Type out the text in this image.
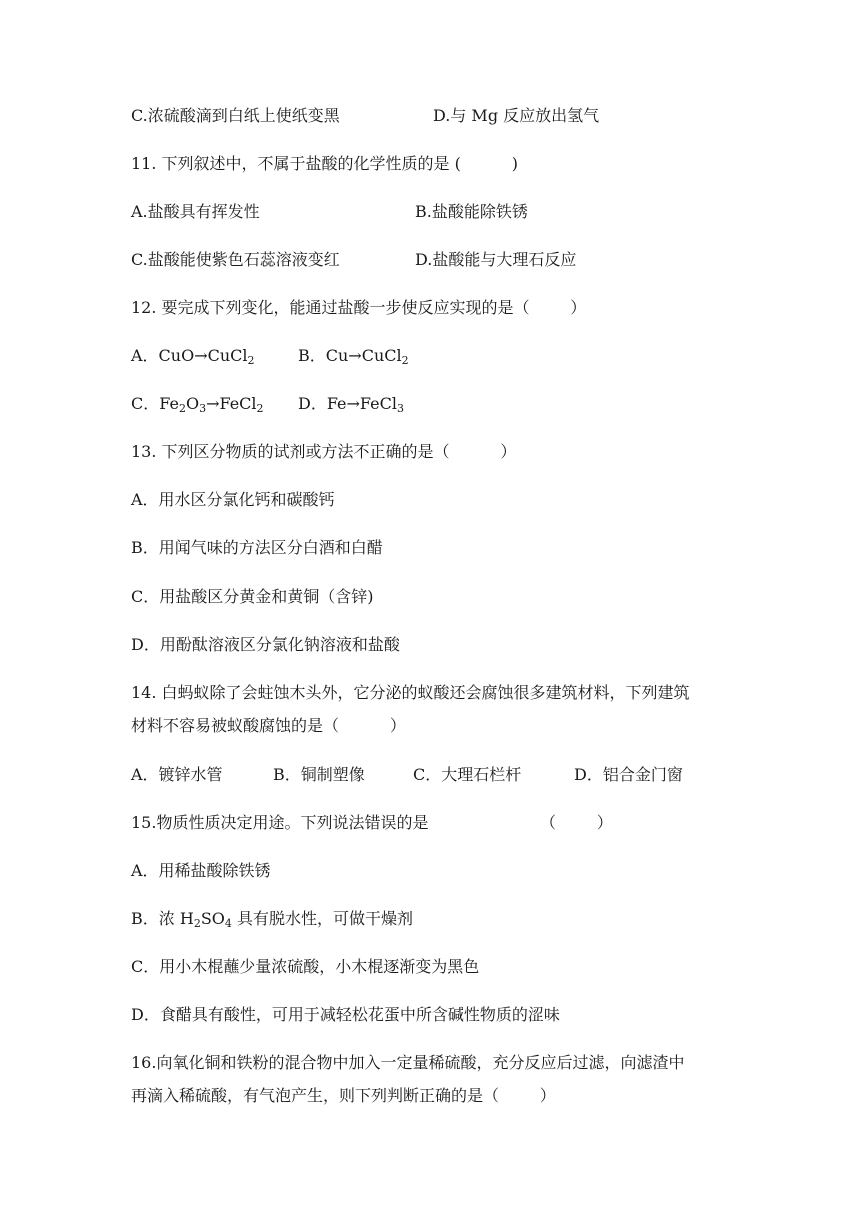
C.浓硫酸滴到白纸上使纸变黑	D.与 Mg 反应放出氢气
11. 下列叙述中，不属于盐酸的化学性质的是 (          )
A.盐酸具有挥发性	B.盐酸能除铁锈
C.盐酸能使紫色石蕊溶液变红	D.盐酸能与大理石反应
12. 要完成下列变化，能通过盐酸一步使反应实现的是（        ）
A．CuO→CuCl$_2$	B．Cu→CuCl$_2$
C．$Fe_2O_3\to FeCl_2$ D．Fe→FeCl$_3$
13. 下列区分物质的试剂或方法不正确的是（          ）
A．用水区分氯化钙和碳酸钙
B．用闻气味的方法区分白酒和白醋
C．用盐酸区分黄金和黄铜（含锌)
D．用酚酞溶液区分氯化钠溶液和盐酸
14. 白蚂蚁除了会蛀蚀木头外，它分泌的蚁酸还会腐蚀很多建筑材料，下列建筑
材料不容易被蚁酸腐蚀的是（          ）
A．镀锌水管	B．铜制塑像	C．大理石栏杆	D．铝合金门窗
15.物质性质决定用途。下列说法错误的是	（        ）
A．用稀盐酸除铁锈
B．浓 $H_2SO_4$ 具有脱水性，可做干燥剂
C．用小木棍蘸少量浓硫酸，小木棍逐渐变为黑色
D．食醋具有酸性，可用于减轻松花蛋中所含碱性物质的涩味
16.向氧化铜和铁粉的混合物中加入一定量稀硫酸，充分反应后过滤，向滤渣中
再滴入稀硫酸，有气泡产生，则下列判断正确的是（        ）
